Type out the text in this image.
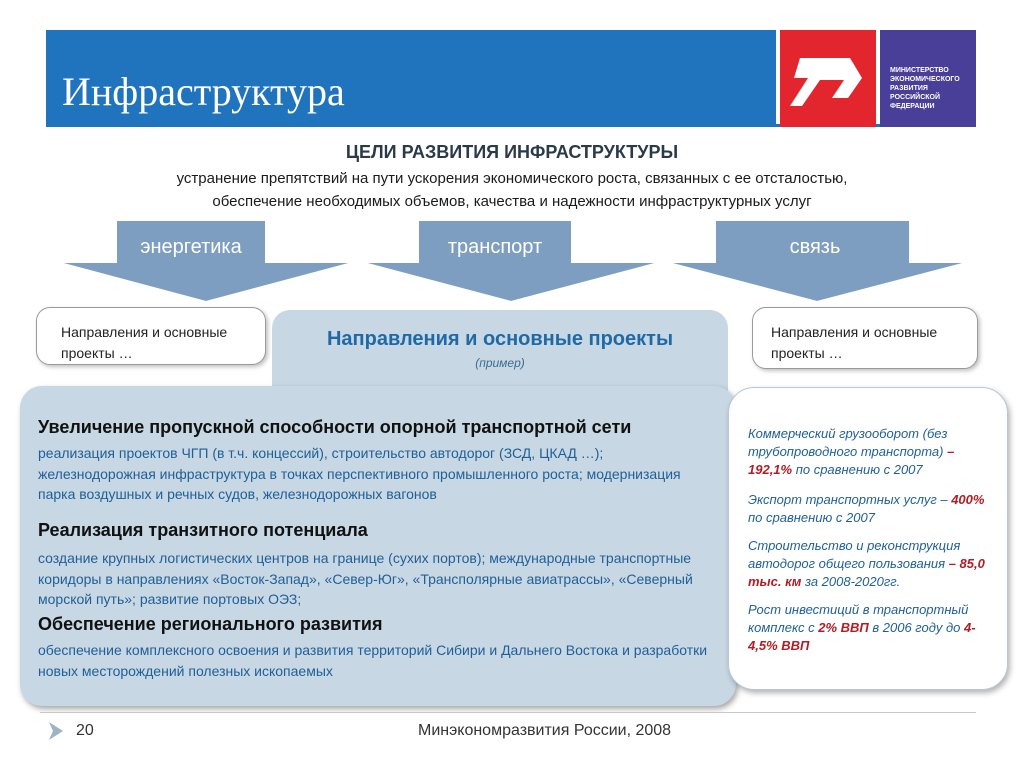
Инфраструктура	МИНИСТЕРСТВО ЭКОНОМИЧЕСКОГО РАЗВИТИЯ РОССИЙСКОЙ ФЕДЕРАЦИИ
ЦЕЛИ РАЗВИТИЯ ИНФРАСТРУКТУРЫ
устранение препятствий на пути ускорения экономического роста, связанных с ее отсталостью,
обеспечение необходимых объемов, качества и надежности инфраструктурных услуг
энергетика	транспорт	связь
Направления и основные проекты …
Направления и основные проекты …
Направления и основные проекты
(пример)
Увеличение пропускной способности опорной транспортной сети
реализация проектов ЧГП (в т.ч. концессий), строительство автодорог (ЗСД, ЦКАД …); железнодорожная инфраструктура в точках перспективного промышленного роста; модернизация парка воздушных и речных судов, железнодорожных вагонов
Реализация транзитного потенциала
создание крупных логистических центров на границе (сухих портов); международные транспортные коридоры в направлениях «Восток-Запад», «Север-Юг», «Трансполярные авиатрассы», «Северный морской путь»; развитие портовых ОЭЗ;
Обеспечение регионального развития
обеспечение комплексного освоения и развития территорий Сибири и Дальнего Востока и разработки новых месторождений полезных ископаемых
Коммерческий грузооборот (без трубопроводного транспорта) – 192,1% по сравнению с 2007
Экспорт транспортных услуг – 400% по сравнению с 2007
Строительство и реконструкция автодорог общего пользования – 85,0 тыс. км за 2008-2020гг.
Рост инвестиций в транспортный комплекс с 2% ВВП в 2006 году до 4-4,5% ВВП
20	Минэкономразвития России, 2008
